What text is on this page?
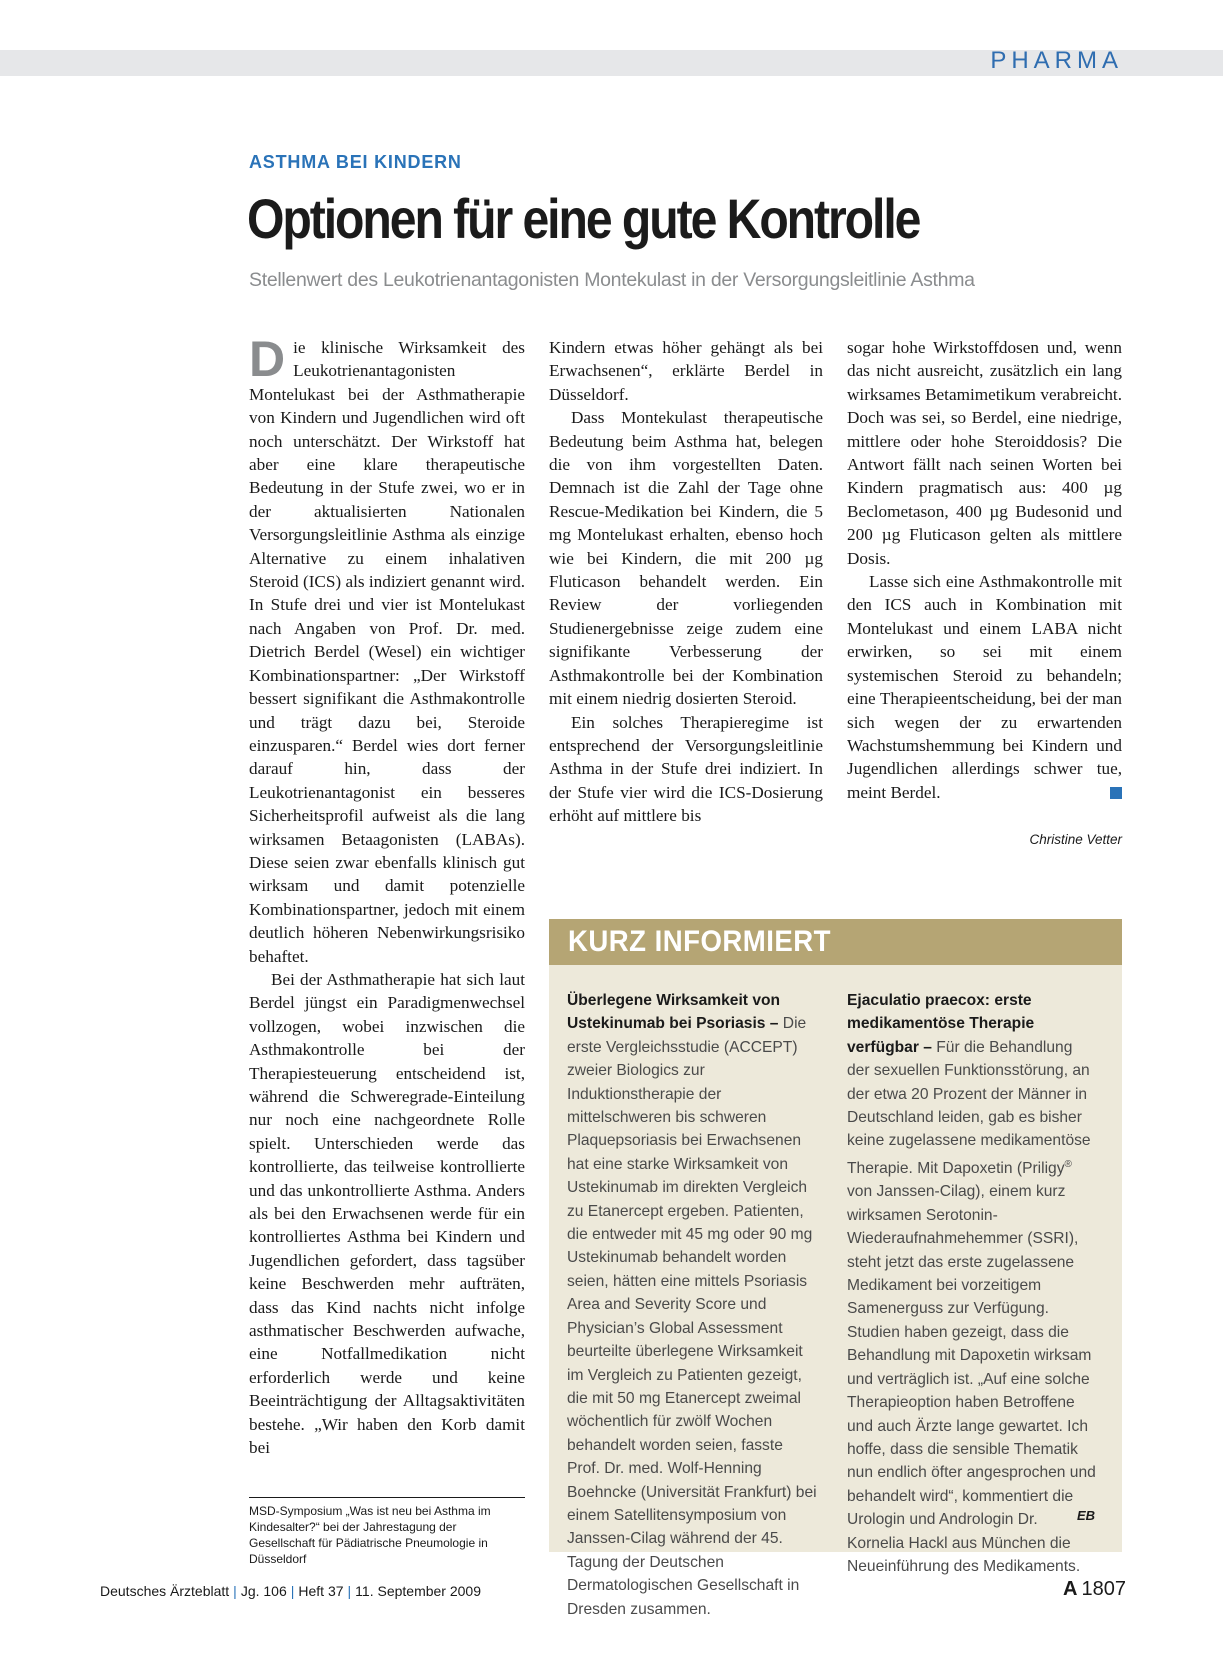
PHARMA
ASTHMA BEI KINDERN
Optionen für eine gute Kontrolle
Stellenwert des Leukotrienantagonisten Montekulast in der Versorgungsleitlinie Asthma

Die klinische Wirksamkeit des Leukotrienantagonisten Montelukast bei der Asthmatherapie von Kindern und Jugendlichen wird oft noch unterschätzt. Der Wirkstoff hat aber eine klare therapeutische Bedeutung in der Stufe zwei, wo er in der aktualisierten Nationalen Versorgungsleitlinie Asthma als einzige Alternative zu einem inhalativen Steroid (ICS) als indiziert genannt wird. In Stufe drei und vier ist Montelukast nach Angaben von Prof. Dr. med. Dietrich Berdel (Wesel) ein wichtiger Kombinationspartner: „Der Wirkstoff bessert signifikant die Asthmakontrolle und trägt dazu bei, Steroide einzusparen.“ Berdel wies dort ferner darauf hin, dass der Leukotrienantagonist ein besseres Sicherheitsprofil aufweist als die lang wirksamen Betaagonisten (LABAs). Diese seien zwar ebenfalls klinisch gut wirksam und damit potenzielle Kombinationspartner, jedoch mit einem deutlich höheren Nebenwirkungsrisiko behaftet.

Bei der Asthmatherapie hat sich laut Berdel jüngst ein Paradigmenwechsel vollzogen, wobei inzwischen die Asthmakontrolle bei der Therapiesteuerung entscheidend ist, während die Schweregrade-Einteilung nur noch eine nachgeordnete Rolle spielt. Unterschieden werde das kontrollierte, das teilweise kontrollierte und das unkontrollierte Asthma. Anders als bei den Erwachsenen werde für ein kontrolliertes Asthma bei Kindern und Jugendlichen gefordert, dass tagsüber keine Beschwerden mehr aufträten, dass das Kind nachts nicht infolge asthmatischer Beschwerden aufwache, eine Notfallmedikation nicht erforderlich werde und keine Beeinträchtigung der Alltagsaktivitäten bestehe. „Wir haben den Korb damit bei

Kindern etwas höher gehängt als bei Erwachsenen“, erklärte Berdel in Düsseldorf.

Dass Montekulast therapeutische Bedeutung beim Asthma hat, belegen die von ihm vorgestellten Daten. Demnach ist die Zahl der Tage ohne Rescue-Medikation bei Kindern, die 5 mg Montelukast erhalten, ebenso hoch wie bei Kindern, die mit 200 µg Fluticason behandelt werden. Ein Review der vorliegenden Studienergebnisse zeige zudem eine signifikante Verbesserung der Asthmakontrolle bei der Kombination mit einem niedrig dosierten Steroid.

Ein solches Therapieregime ist entsprechend der Versorgungsleitlinie Asthma in der Stufe drei indiziert. In der Stufe vier wird die ICS-Dosierung erhöht auf mittlere bis

sogar hohe Wirkstoffdosen und, wenn das nicht ausreicht, zusätzlich ein lang wirksames Betamimetikum verabreicht. Doch was sei, so Berdel, eine niedrige, mittlere oder hohe Steroiddosis? Die Antwort fällt nach seinen Worten bei Kindern pragmatisch aus: 400 µg Beclometason, 400 µg Budesonid und 200 µg Fluticason gelten als mittlere Dosis.

Lasse sich eine Asthmakontrolle mit den ICS auch in Kombination mit Montelukast und einem LABA nicht erwirken, so sei mit einem systemischen Steroid zu behandeln; eine Therapieentscheidung, bei der man sich wegen der zu erwartenden Wachstumshemmung bei Kindern und Jugendlichen allerdings schwer tue, meint Berdel.

Christine Vetter
MSD-Symposium „Was ist neu bei Asthma im Kindesalter?“ bei der Jahrestagung der Gesellschaft für Pädiatrische Pneumologie in Düsseldorf
KURZ INFORMIERT
Überlegene Wirksamkeit von Ustekinumab bei Psoriasis – Die erste Vergleichsstudie (ACCEPT) zweier Biologics zur Induktionstherapie der mittelschweren bis schweren Plaquepsoriasis bei Erwachsenen hat eine starke Wirksamkeit von Ustekinumab im direkten Vergleich zu Etanercept ergeben. Patienten, die entweder mit 45 mg oder 90 mg Ustekinumab behandelt worden seien, hätten eine mittels Psoriasis Area and Severity Score und Physician’s Global Assessment beurteilte überlegene Wirksamkeit im Vergleich zu Patienten gezeigt, die mit 50 mg Etanercept zweimal wöchentlich für zwölf Wochen behandelt worden seien, fasste Prof. Dr. med. Wolf-Henning Boehncke (Universität Frankfurt) bei einem Satellitensymposium von Janssen-Cilag während der 45. Tagung der Deutschen Dermatologischen Gesellschaft in Dresden zusammen.
Ejaculatio praecox: erste medikamentöse Therapie verfügbar – Für die Behandlung der sexuellen Funktionsstörung, an der etwa 20 Prozent der Männer in Deutschland leiden, gab es bisher keine zugelassene medikamentöse Therapie. Mit Dapoxetin (Priligy® von Janssen-Cilag), einem kurz wirksamen Serotonin-Wiederaufnahmehemmer (SSRI), steht jetzt das erste zugelassene Medikament bei vorzeitigem Samenerguss zur Verfügung. Studien haben gezeigt, dass die Behandlung mit Dapoxetin wirksam und verträglich ist. „Auf eine solche Therapieoption haben Betroffene und auch Ärzte lange gewartet. Ich hoffe, dass die sensible Thematik nun endlich öfter angesprochen und behandelt wird“, kommentiert die Urologin und Andrologin Dr. Kornelia Hackl aus München die Neueinführung des Medikaments.
EB
Deutsches Ärzteblatt | Jg. 106 | Heft 37 | 11. September 2009	A 1807
